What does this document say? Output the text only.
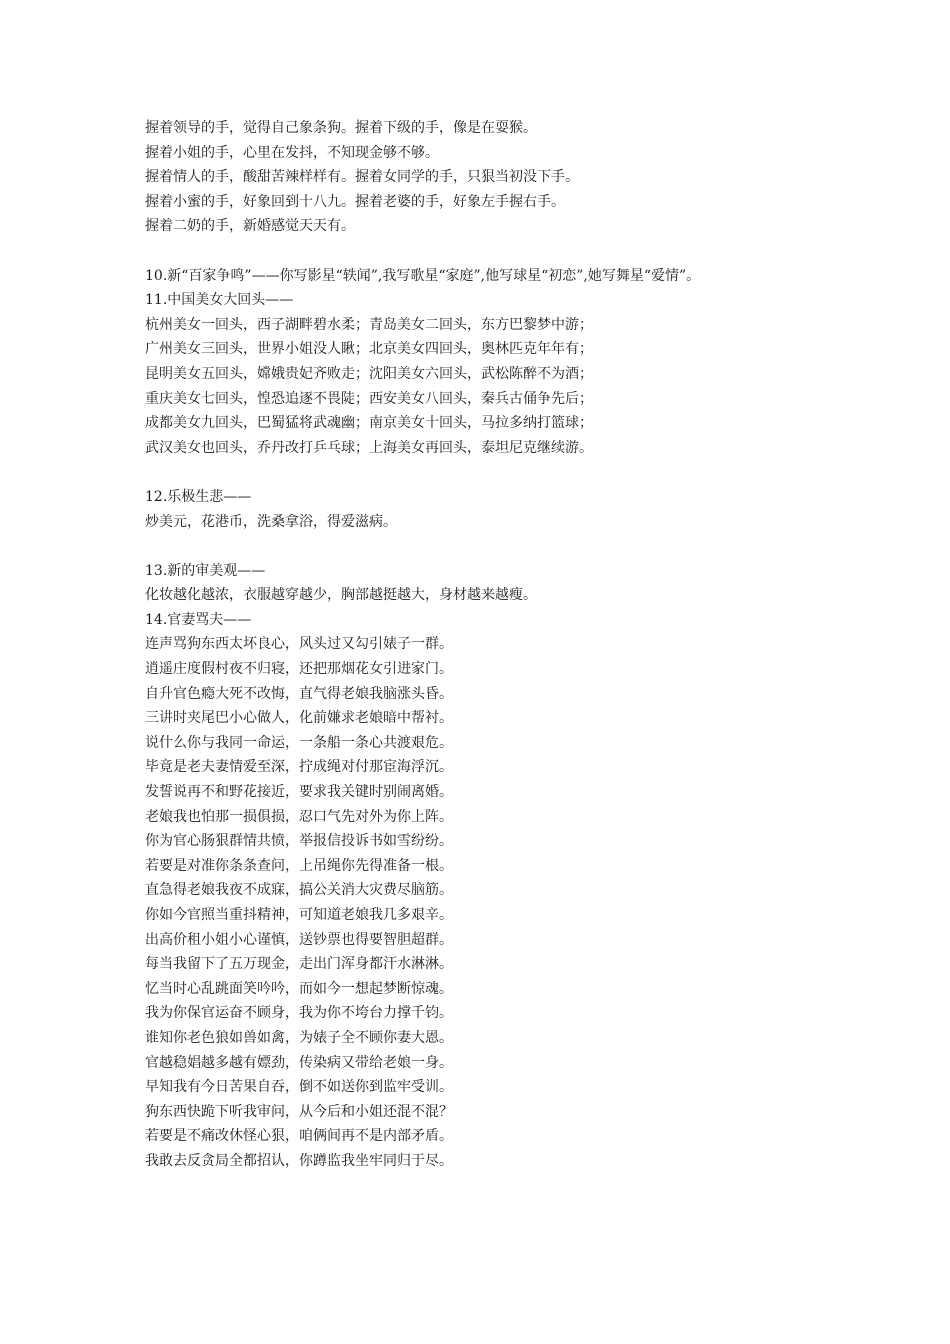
握着领导的手，觉得自己象条狗。握着下级的手，像是在耍猴。
握着小姐的手，心里在发抖，不知现金够不够。
握着情人的手，酸甜苦辣样样有。握着女同学的手，只狠当初没下手。
握着小蜜的手，好象回到十八九。握着老婆的手，好象左手握右手。
握着二奶的手，新婚感觉天天有。
10.新“百家争鸣”——你写影星“轶闻”,我写歌星“家庭”,他写球星“初恋”,她写舞星“爱情”。
11.中国美女大回头——
杭州美女一回头，西子湖畔碧水柔；青岛美女二回头，东方巴黎梦中游；
广州美女三回头，世界小姐没人瞅；北京美女四回头，奥林匹克年年有；
昆明美女五回头，嫦娥贵妃齐败走；沈阳美女六回头，武松陈醉不为酒；
重庆美女七回头，惶恐追逐不畏陡；西安美女八回头，秦兵古俑争先后；
成都美女九回头，巴蜀猛将武魂幽；南京美女十回头，马拉多纳打篮球；
武汉美女也回头，乔丹改打乒乓球；上海美女再回头，泰坦尼克继续游。
12.乐极生悲——
炒美元，花港币，洗桑拿浴，得爱滋病。
13.新的审美观——
化妆越化越浓，衣服越穿越少，胸部越挺越大，身材越来越瘦。
14.官妻骂夫——
连声骂狗东西太坏良心，风头过又勾引婊子一群。
逍遥庄度假村夜不归寝，还把那烟花女引进家门。
自升官色瘾大死不改悔，直气得老娘我脑涨头昏。
三讲时夹尾巴小心做人，化前嫌求老娘暗中帮衬。
说什么你与我同一命运，一条船一条心共渡艰危。
毕竟是老夫妻情爱至深，拧成绳对付那宦海浮沉。
发誓说再不和野花接近，要求我关键时别闹离婚。
老娘我也怕那一损俱损，忍口气先对外为你上阵。
你为官心肠狠群情共愤，举报信投诉书如雪纷纷。
若要是对准你条条查问，上吊绳你先得准备一根。
直急得老娘我夜不成寐，搞公关消大灾费尽脑筋。
你如今官照当重抖精神，可知道老娘我几多艰辛。
出高价租小姐小心谨慎，送钞票也得要智胆超群。
每当我留下了五万现金，走出门浑身都汗水淋淋。
忆当时心乱跳面笑吟吟，而如今一想起梦断惊魂。
我为你保官运奋不顾身，我为你不垮台力撑千钧。
谁知你老色狼如兽如禽，为婊子全不顾你妻大恩。
官越稳娼越多越有嫖劲，传染病又带给老娘一身。
早知我有今日苦果自吞，倒不如送你到监牢受训。
狗东西快跪下听我审问，从今后和小姐还混不混？
若要是不痛改休怪心狠，咱俩间再不是内部矛盾。
我敢去反贪局全都招认，你蹲监我坐牢同归于尽。
